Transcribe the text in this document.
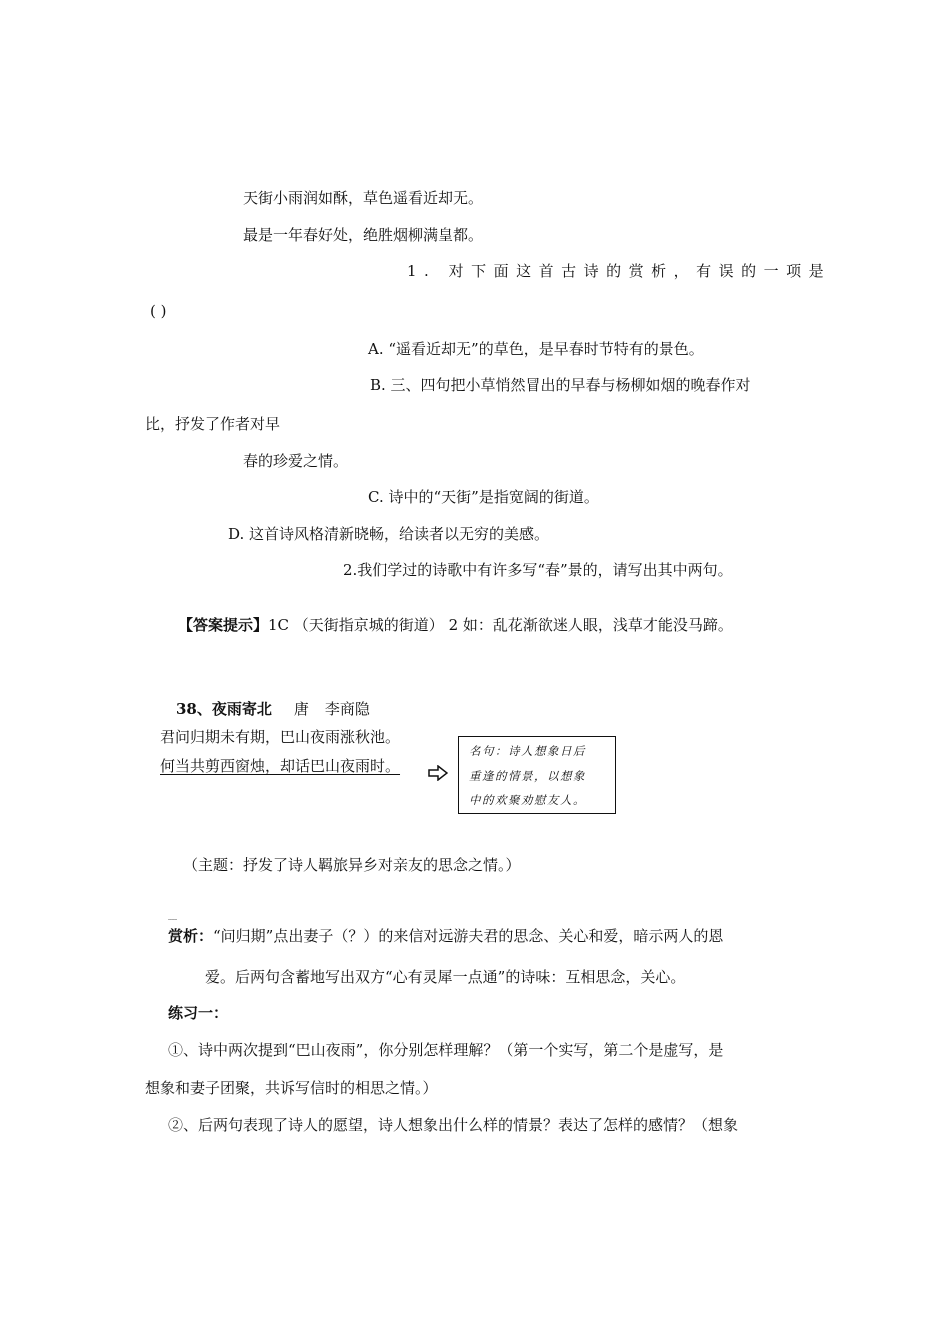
天街小雨润如酥，草色遥看近却无。
最是一年春好处，绝胜烟柳满皇都。
1. 对下面这首古诗的赏析，有误的一项是
( )
A. “遥看近却无”的草色，是早春时节特有的景色。
B. 三、四句把小草悄然冒出的早春与杨柳如烟的晚春作对
比，抒发了作者对早
春的珍爱之情。
C. 诗中的“天街”是指宽阔的街道。
D. 这首诗风格清新晓畅，给读者以无穷的美感。
2.我们学过的诗歌中有许多写“春”景的，请写出其中两句。
【答案提示】1C （天街指京城的街道） 2 如：乱花渐欲迷人眼，浅草才能没马蹄。
38、夜雨寄北 唐 李商隐
君问归期未有期，巴山夜雨涨秋池。
何当共剪西窗烛，却话巴山夜雨时。
名句：诗人想象日后
重逢的情景，以想象
中的欢聚劝慰友人。
（主题：抒发了诗人羁旅异乡对亲友的思念之情。）
﹏
赏析：“问归期”点出妻子（？）的来信对远游夫君的思念、关心和爱，暗示两人的恩
爱。后两句含蓄地写出双方“心有灵犀一点通”的诗味：互相思念，关心。
练习一：
①、诗中两次提到“巴山夜雨”，你分别怎样理解？（第一个实写，第二个是虚写，是
想象和妻子团聚，共诉写信时的相思之情。）
②、后两句表现了诗人的愿望，诗人想象出什么样的情景？表达了怎样的感情？（想象
